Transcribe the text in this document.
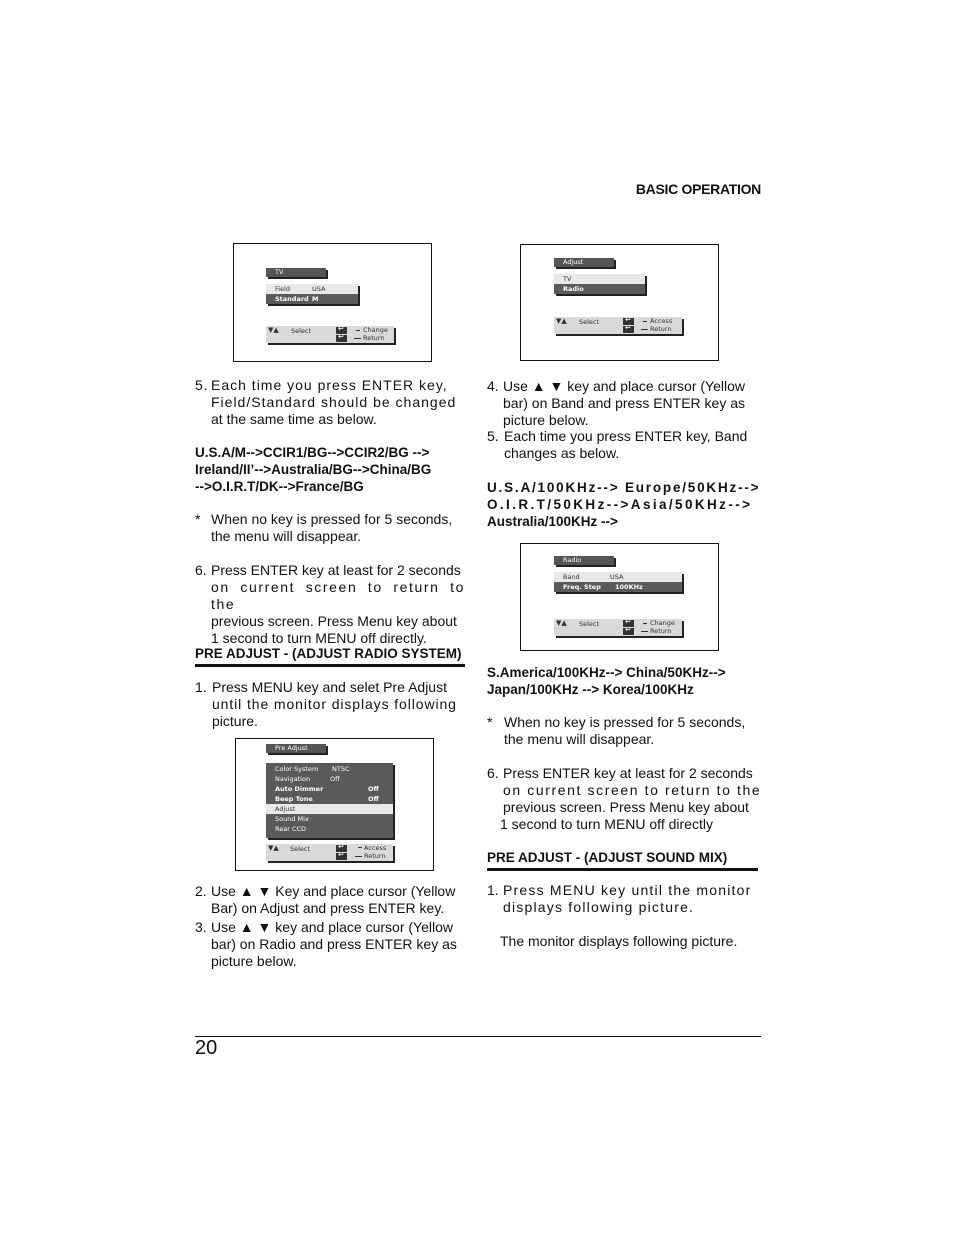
BASIC OPERATION
TV
Field	USA
Standard M
▼▲ Select ↵
↵	Change
Return
Adjust
TV
Radio
▼▲ Select ↵
↵	Access
Return
5. Each time you press ENTER key,
Field/Standard should be changed
at the same time as below.
U.S.A/M-->CCIR1/BG-->CCIR2/BG -->
Ireland/II’-->Australia/BG-->China/BG
-->O.I.R.T/DK-->France/BG
* When no key is pressed for 5 seconds,
the menu will disappear.
6. Press ENTER key at least for 2 seconds
on current screen to return to the
previous screen. Press Menu key about
1 second to turn MENU off directly.
PRE ADJUST - (ADJUST RADIO SYSTEM)
1. Press MENU key and selet Pre Adjust
until the monitor displays following
picture.
Pre Adjust
Color System NTSC
Navigation	Off
Auto Dimmer	Off
Beep Tone	Off
Adjust
Sound Mix
Rear CCD
▼▲ Select ↵
↵	Access
Return
2. Use ▲ ▼ Key and place cursor (Yellow
Bar) on Adjust and press ENTER key.
3. Use ▲ ▼ key and place cursor (Yellow
bar) on Radio and press ENTER key as
picture below.
4. Use ▲ ▼ key and place cursor (Yellow
bar) on Band and press ENTER key as
picture below.
5. Each time you press ENTER key, Band
changes as below.
U.S.A/100KHz--> Europe/50KHz-->
O.I.R.T/50KHz-->Asia/50KHz-->
Australia/100KHz -->
Radio
Band	USA
Freq. Step 100KHz
▼▲ Select ↵
↵	Change
Return
S.America/100KHz--> China/50KHz-->
Japan/100KHz --> Korea/100KHz
* When no key is pressed for 5 seconds,
the menu will disappear.
6. Press ENTER key at least for 2 seconds
on current screen to return to the
previous screen. Press Menu key about
1 second to turn MENU off directly
PRE ADJUST - (ADJUST SOUND MIX)
1. Press MENU key until the monitor
displays following picture.
The monitor displays following picture.
20
